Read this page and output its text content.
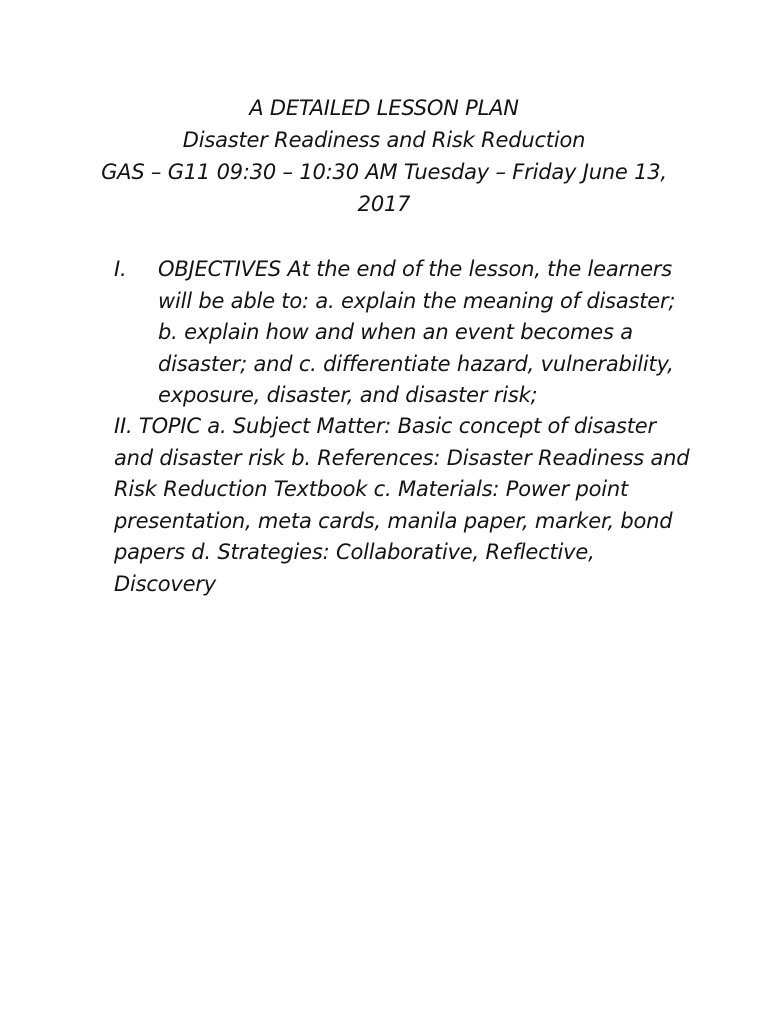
A DETAILED LESSON PLAN
Disaster Readiness and Risk Reduction
GAS – G11 09:30 – 10:30 AM Tuesday – Friday June 13,
2017
I. OBJECTIVES At the end of the lesson, the learners
will be able to: a. explain the meaning of disaster;
b. explain how and when an event becomes a
disaster; and c. differentiate hazard, vulnerability,
exposure, disaster, and disaster risk;
II. TOPIC a. Subject Matter: Basic concept of disaster
and disaster risk b. References: Disaster Readiness and
Risk Reduction Textbook c. Materials: Power point
presentation, meta cards, manila paper, marker, bond
papers d. Strategies: Collaborative, Reflective,
Discovery
